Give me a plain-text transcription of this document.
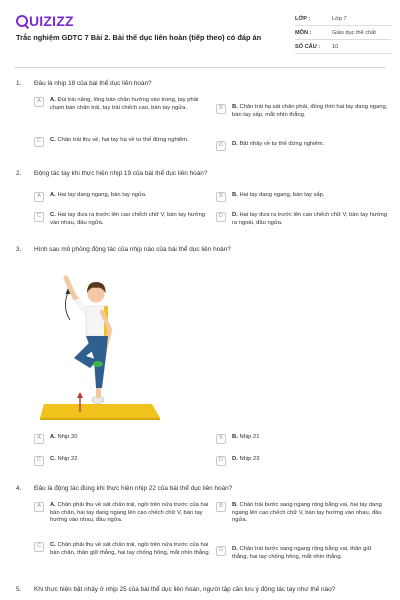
UIZIZZ
Trắc nghiệm GDTC 7 Bài 2. Bài thể dục liên hoàn (tiếp theo) có đáp án
LỚP :	Lớp 7
MÔN :	Giáo dục thể chất
SỐ CÂU :	10
1. Đâu là nhịp 18 của bài thể dục liên hoàn?
A	A. Đùi trái nâng, lòng bàn chân hướng vào trong, tay phải chạm bàn chân trái, tay trái chếch cao, bàn tay ngửa.	B	B. Chân trái hạ sát chân phải, đồng thời hai tay dang ngang, bàn tay sấp, mắt nhìn thẳng.
C	C. Chân trái thu về, hai tay hạ về tư thế đứng nghiêm.
D	D. Bật nhảy về tư thế đứng nghiêm.
2. Động tác tay khi thực hiện nhịp 19 của bài thể dục liên hoàn?
A	A. Hai tay dang ngang, bàn tay ngửa.	B	B. Hai tay dang ngang, bàn tay sấp.
C	C. Hai tay đưa ra trước lên cao chếch chữ V, bàn tay hướng vào nhau, đầu ngửa.
D	D. Hai tay đưa ra trước lên cao chếch chữ V, bàn tay hướng ra ngoài, đầu ngửa.
3. Hình sau mô phỏng động tác của nhịp nào của bài thể dục liên hoàn?
A	A. Nhịp 20	B	B. Nhịp 21
C	C. Nhịp 22	D	D. Nhịp 23
4. Đâu là động tác đúng khi thực hiện nhịp 22 của bài thể dục liên hoàn?
A	A. Chân phải thu về sát chân trái, ngồi trên nửa trước của hai bàn chân, hai tay dang ngang lên cao chếch chữ V, bàn tay hướng vào nhau, đầu ngửa.
B	B. Chân trái bước sang ngang rộng bằng vai, hai tay dang ngang lên cao chếch chữ V, bàn tay hướng vào nhau, đầu ngửa.
C	C. Chân phải thu về sát chân trái, ngồi trên nửa trước của hai bàn chân, thân giữ thẳng, hai tay chống hông, mắt nhìn thẳng.	D	D. Chân trái bước sang ngang rộng bằng vai, thân giữ thẳng, hai tay chống hông, mắt nhìn thẳng.
5. Khi thực hiện bật nhảy ở nhịp 25 của bài thể dục liên hoàn, người tập cần lưu ý động tác tay như thế nào?
